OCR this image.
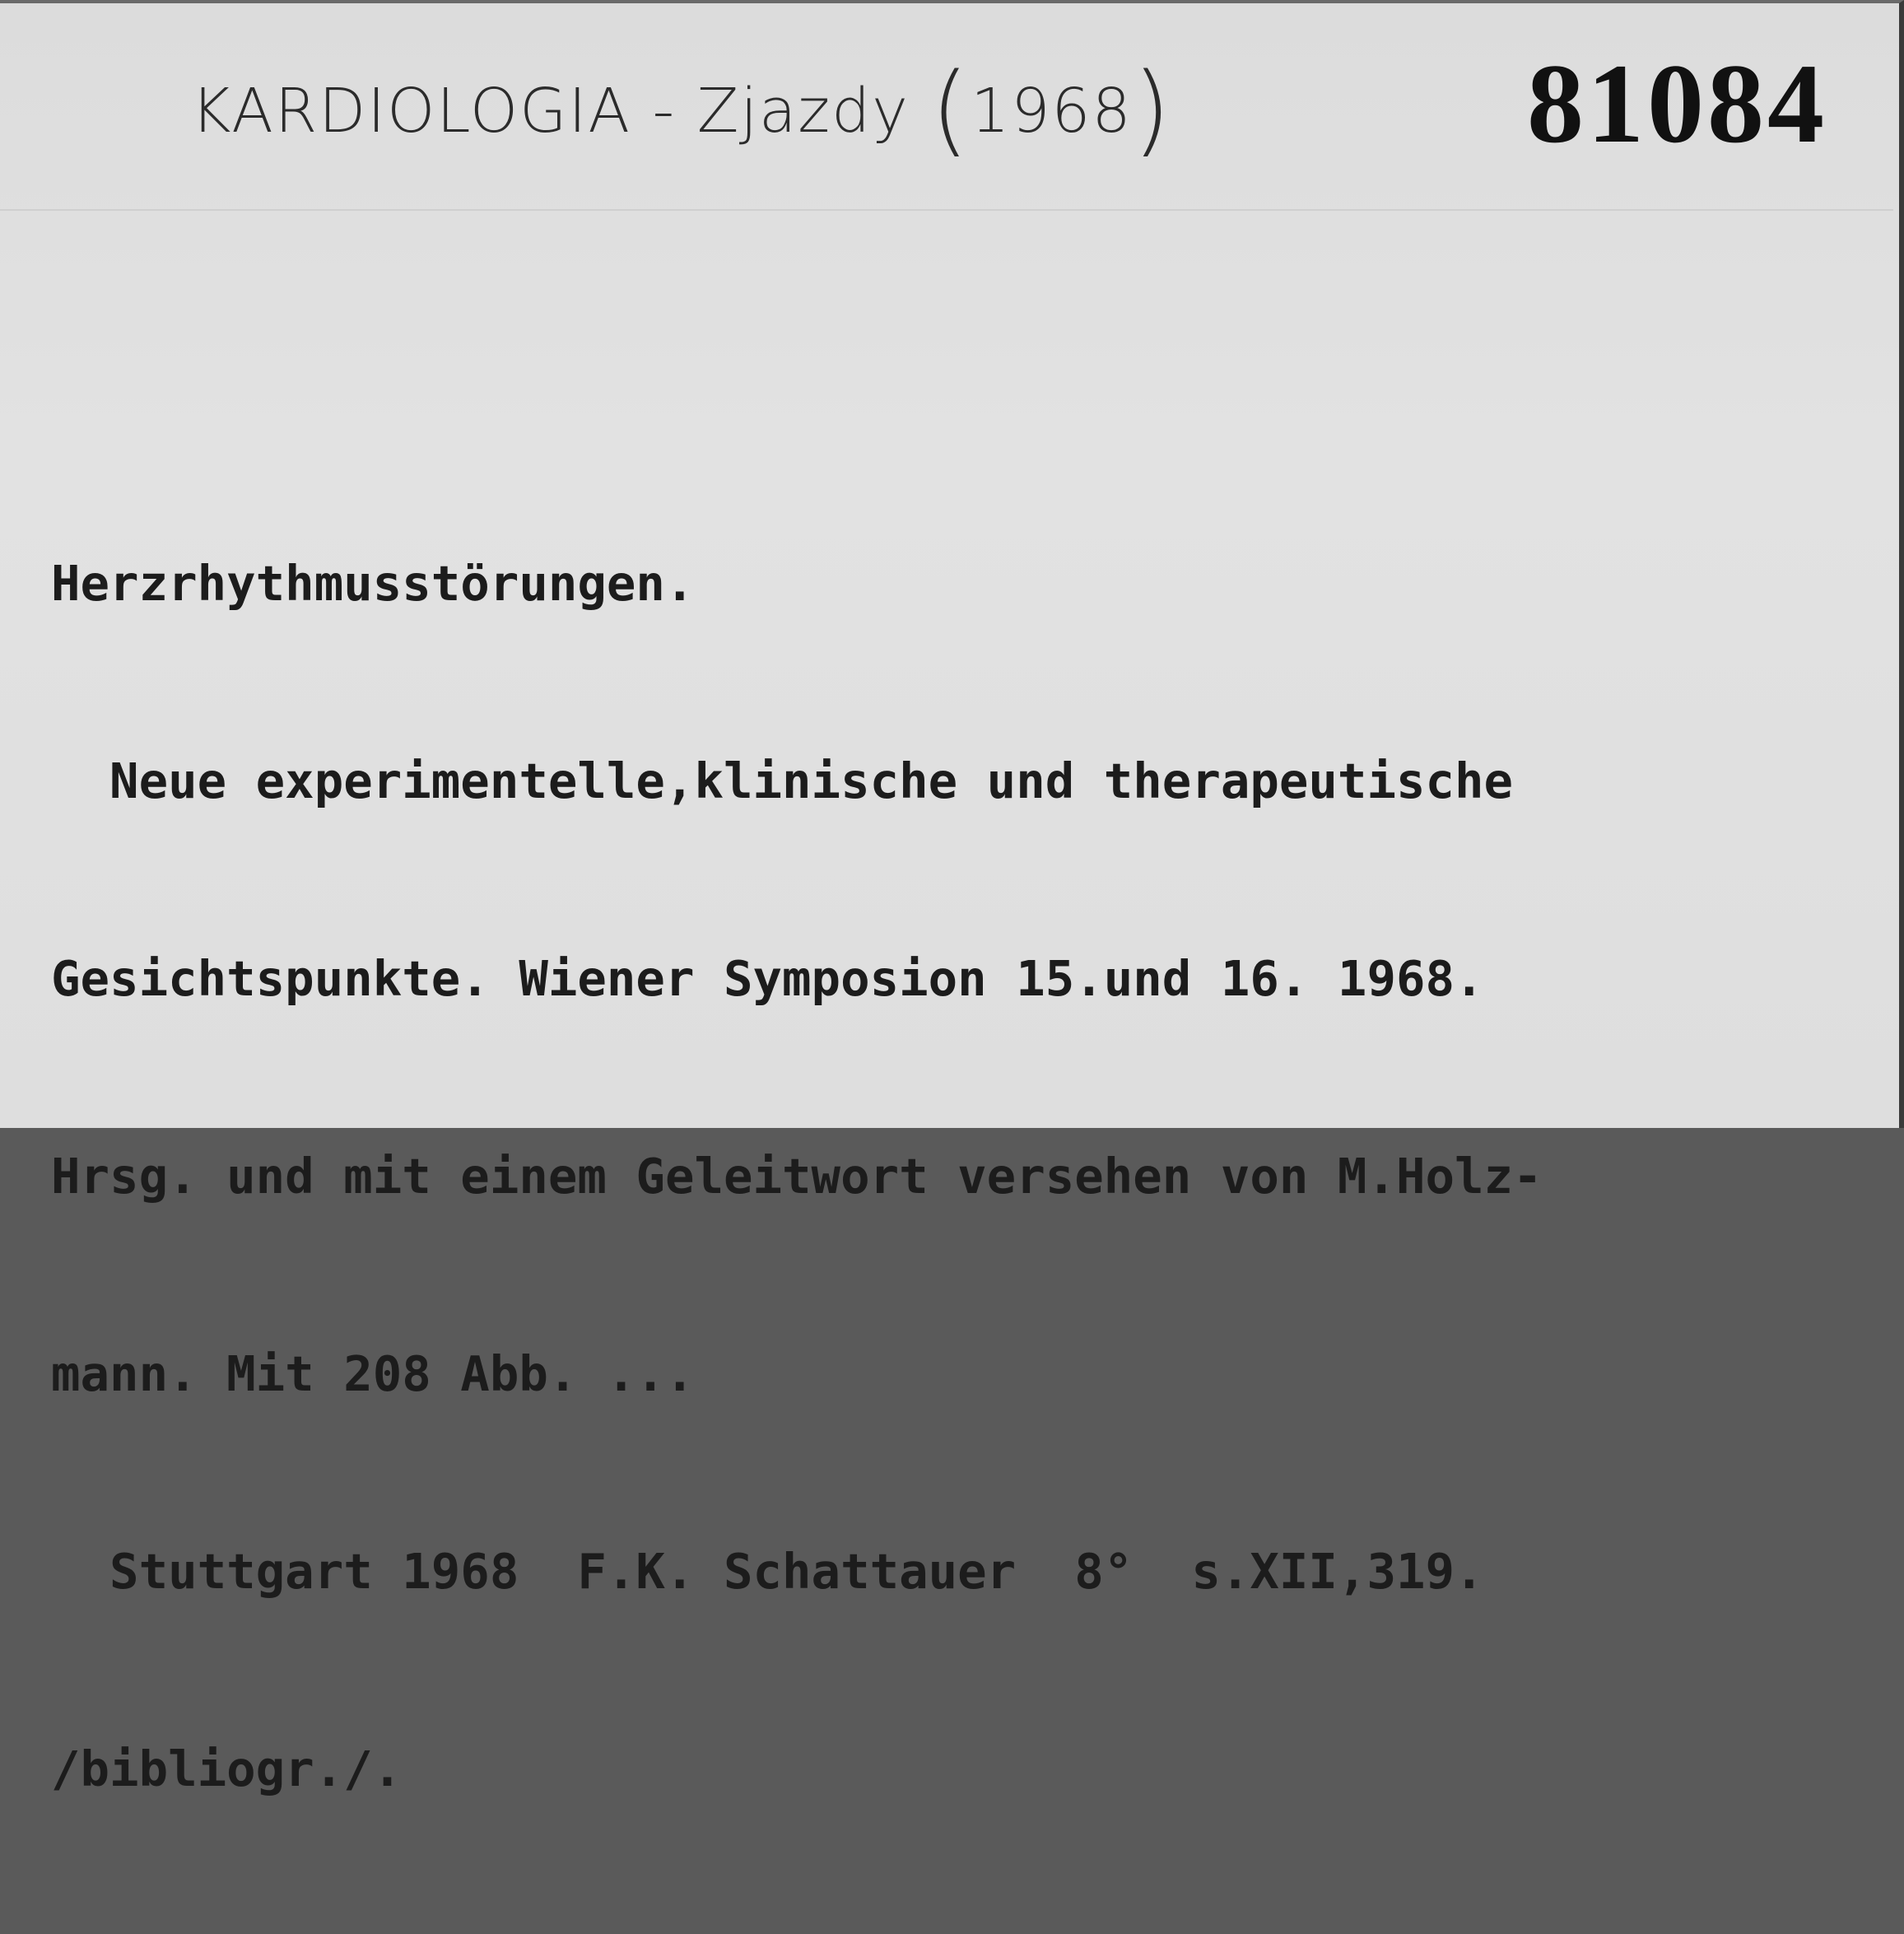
KARDIOLOGIA - Zjazdy (1968)	81084

Herzrhythmusstörungen.

Neue experimentelle,klinische und therapeutische

Gesichtspunkte. Wiener Symposion 15.und 16. 1968.

Hrsg. und mit einem Geleitwort versehen von M.Holz-

mann. Mit 208 Abb. ...

Stuttgart 1968  F.K. Schattauer  8°  s.XII,319.

/bibliogr./.
